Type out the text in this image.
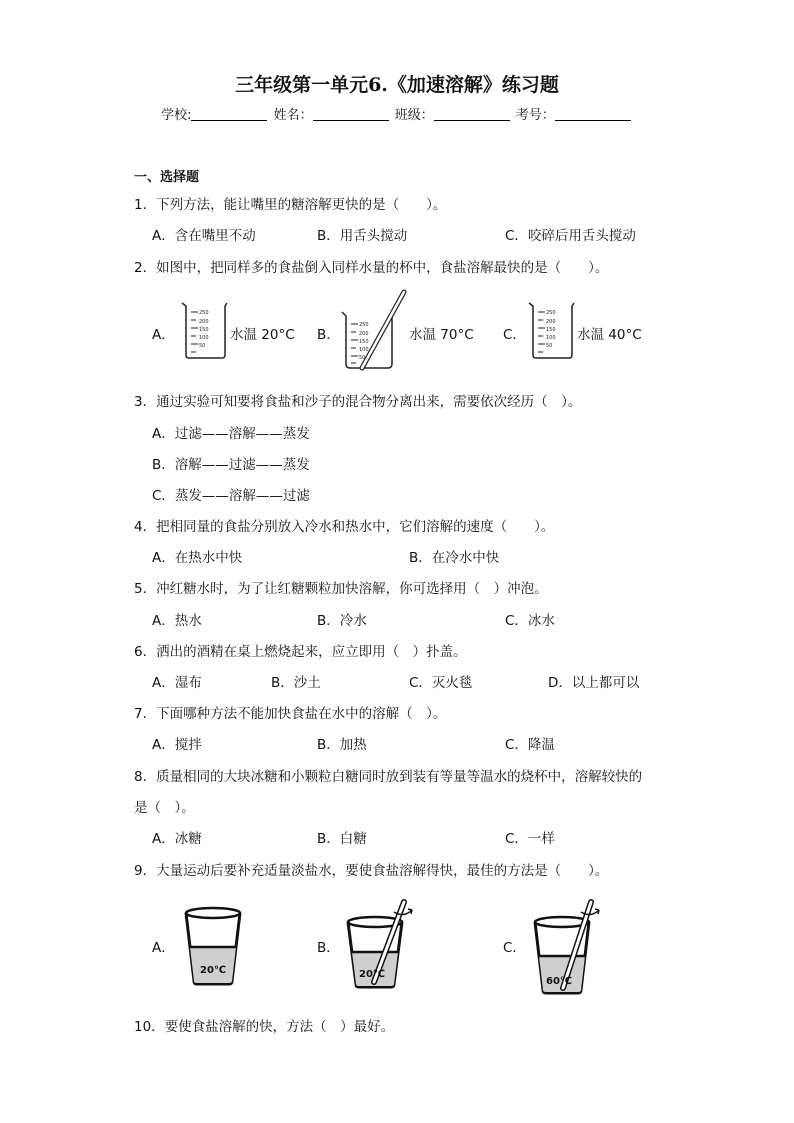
三年级第一单元6.《加速溶解》练习题
学校:	姓名：	班级：	考号：
一、选择题
1．下列方法，能让嘴里的糖溶解更快的是（　　）。
A．含在嘴里不动	B．用舌头搅动	C．咬碎后用舌头搅动
2．如图中，把同样多的食盐倒入同样水量的杯中，食盐溶解最快的是（　　）。
A．	B．	C．
250
200
150
100
50
水温 20°C
250
200
150
100
50
水温 70°C
250
200
150
100
50
水温 40°C
3．通过实验可知要将食盐和沙子的混合物分离出来，需要依次经历（　）。
A．过滤——溶解——蒸发
B．溶解——过滤——蒸发
C．蒸发——溶解——过滤
4．把相同量的食盐分别放入冷水和热水中，它们溶解的速度（　　）。
A．在热水中快	B．在冷水中快
5．冲红糖水时，为了让红糖颗粒加快溶解，你可选择用（　）冲泡。
A．热水	B．冷水	C．冰水
6．洒出的酒精在桌上燃烧起来，应立即用（　）扑盖。
A．湿布	B．沙土	C．灭火毯	D．以上都可以
7．下面哪种方法不能加快食盐在水中的溶解（　）。
A．搅拌	B．加热	C．降温
8．质量相同的大块冰糖和小颗粒白糖同时放到装有等量等温水的烧杯中，溶解较快的
是（　）。
A．冰糖	B．白糖	C．一样
9．大量运动后要补充适量淡盐水，要使食盐溶解得快，最佳的方法是（　　）。
A．	B．	C．
20℃	20℃
60℃
10．要使食盐溶解的快，方法（　）最好。
